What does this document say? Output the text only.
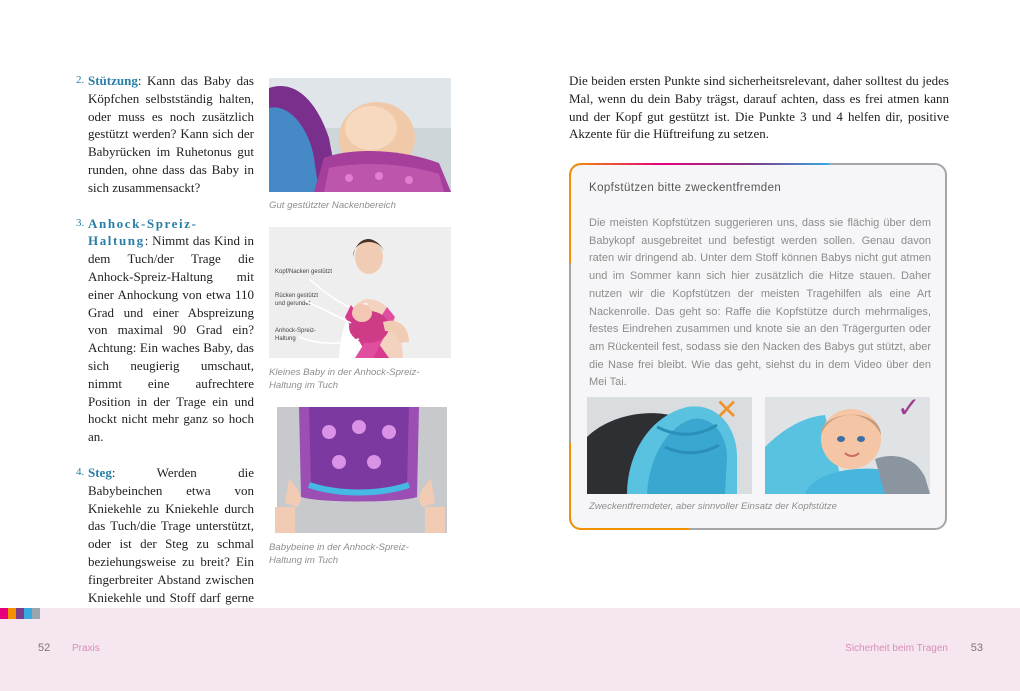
2. Stützung: Kann das Baby das Köpfchen selbstständig halten, oder muss es noch zusätzlich gestützt werden? Kann sich der Babyrücken im Ruhetonus gut runden, ohne dass das Baby in sich zusammensackt?
3. Anhock-Spreiz-Haltung: Nimmt das Kind in dem Tuch/der Trage die Anhock-Spreiz-Haltung mit einer Anhockung von etwa 110 Grad und einer Abspreizung von maximal 90 Grad ein? Achtung: Ein waches Baby, das sich neugierig umschaut, nimmt eine aufrechtere Position in der Trage ein und hockt nicht mehr ganz so hoch an.
4. Steg: Werden die Babybeinchen etwa von Kniekehle zu Kniekehle durch das Tuch/die Trage unterstützt, oder ist der Steg zu schmal beziehungsweise zu breit? Ein fingerbreiter Abstand zwischen Kniekehle und Stoff darf gerne
Gut gestützter Nackenbereich
Kopf/Nacken gestützt
Rücken gestützt
und gerundet
Anhock-Spreiz-
Haltung
Kleines Baby in der Anhock-Spreiz-Haltung im Tuch
Babybeine in der Anhock-Spreiz-Haltung im Tuch
Die beiden ersten Punkte sind sicherheitsrelevant, daher solltest du jedes Mal, wenn du dein Baby trägst, darauf achten, dass es frei atmen kann und der Kopf gut gestützt ist. Die Punkte 3 und 4 helfen dir, positive Akzente für die Hüftreifung zu setzen.
Kopfstützen bitte zweckentfremden
Die meisten Kopfstützen suggerieren uns, dass sie flächig über dem Babykopf ausgebreitet und befestigt werden sollen. Genau davon raten wir dringend ab. Unter dem Stoff können Babys nicht gut atmen und im Sommer kann sich hier zusätzlich die Hitze stauen. Daher nutzen wir die Kopfstützen der meisten Tragehilfen als eine Art Nackenrolle. Das geht so: Raffe die Kopfstütze durch mehrmaliges, festes Eindrehen zusammen und knote sie an den Trägergurten oder am Rückenteil fest, sodass sie den Nacken des Babys gut stützt, aber die Nase frei bleibt. Wie das geht, siehst du in dem Video über den Mei Tai.
✕	✓
Zweckentfremdeter, aber sinnvoller Einsatz der Kopfstütze
52 Praxis	Sicherheit beim Tragen 53
